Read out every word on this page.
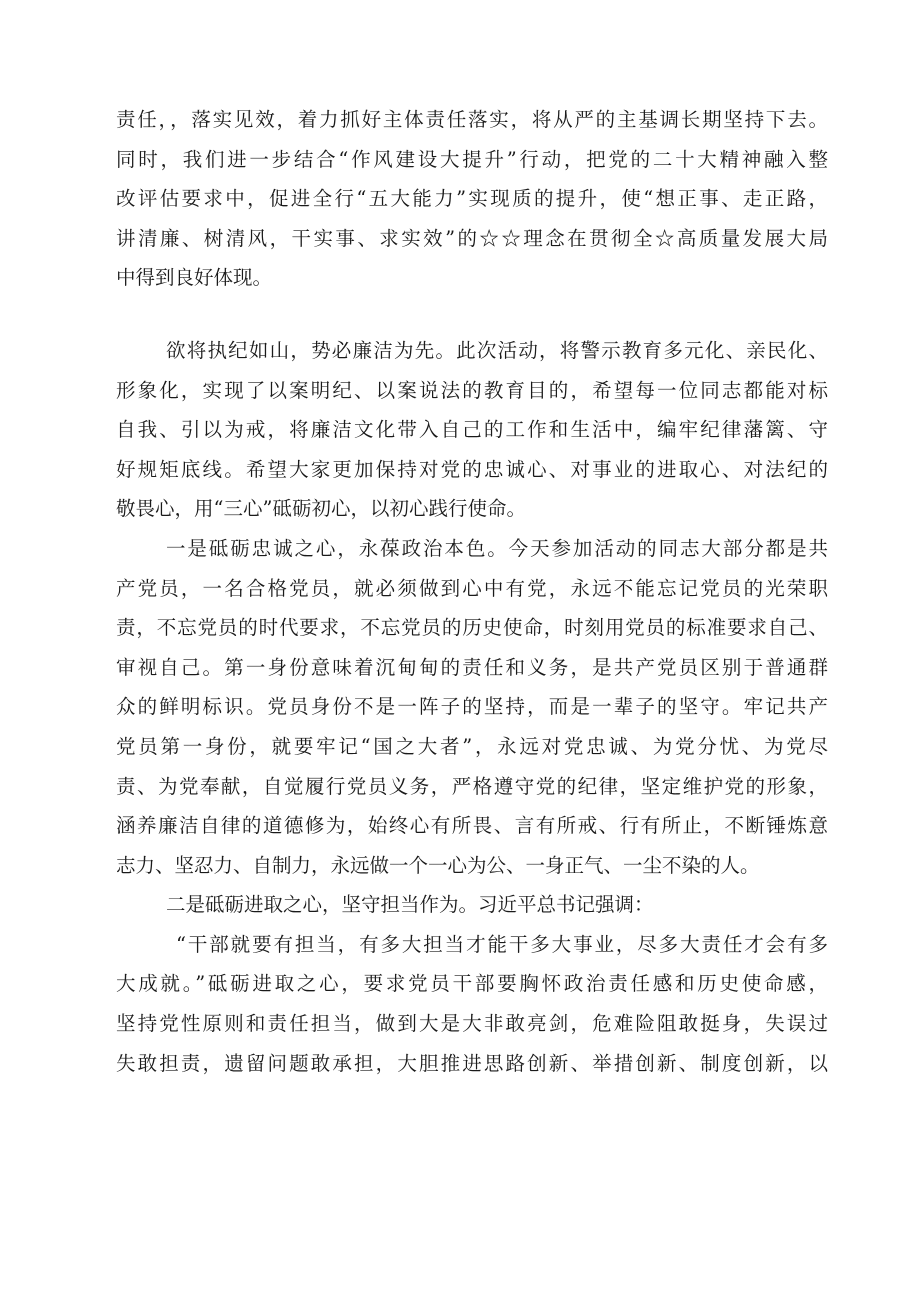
责任，，落实见效，着力抓好主体责任落实，将从严的主基调长期坚持下去。
同时，我们进一步结合“作风建设大提升”行动，把党的二十大精神融入整
改评估要求中，促进全行“五大能力”实现质的提升，使“想正事、走正路，
讲清廉、树清风，干实事、求实效”的☆☆理念在贯彻全☆高质量发展大局
中得到良好体现。
欲将执纪如山，势必廉洁为先。此次活动，将警示教育多元化、亲民化、
形象化，实现了以案明纪、以案说法的教育目的，希望每一位同志都能对标
自我、引以为戒，将廉洁文化带入自己的工作和生活中，编牢纪律藩篱、守
好规矩底线。希望大家更加保持对党的忠诚心、对事业的进取心、对法纪的
敬畏心，用“三心”砥砺初心，以初心践行使命。
一是砥砺忠诚之心，永葆政治本色。今天参加活动的同志大部分都是共
产党员，一名合格党员，就必须做到心中有党，永远不能忘记党员的光荣职
责，不忘党员的时代要求，不忘党员的历史使命，时刻用党员的标准要求自己、
审视自己。第一身份意味着沉甸甸的责任和义务，是共产党员区别于普通群
众的鲜明标识。党员身份不是一阵子的坚持，而是一辈子的坚守。牢记共产
党员第一身份，就要牢记“国之大者”，永远对党忠诚、为党分忧、为党尽
责、为党奉献，自觉履行党员义务，严格遵守党的纪律，坚定维护党的形象，
涵养廉洁自律的道德修为，始终心有所畏、言有所戒、行有所止，不断锤炼意
志力、坚忍力、自制力，永远做一个一心为公、一身正气、一尘不染的人。
二是砥砺进取之心，坚守担当作为。习近平总书记强调：
“干部就要有担当，有多大担当才能干多大事业，尽多大责任才会有多
大成就。”砥砺进取之心，要求党员干部要胸怀政治责任感和历史使命感，
坚持党性原则和责任担当，做到大是大非敢亮剑，危难险阻敢挺身，失误过
失敢担责，遗留问题敢承担，大胆推进思路创新、举措创新、制度创新，以
